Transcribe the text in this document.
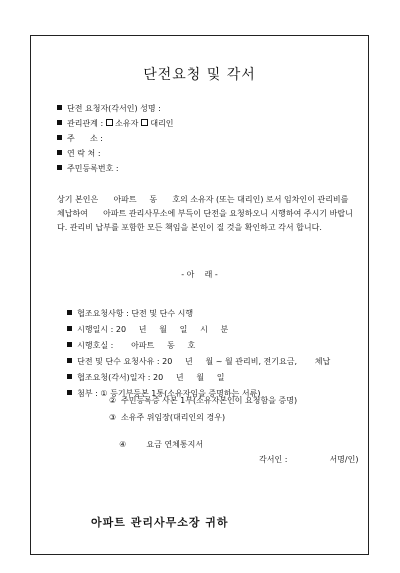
단전요청 및 각서
단전 요청자(각서인) 성명 :
관리관계 : 소유자 대리인
주      소 :
연 락 처 :
주민등록번호 :
상기 본인은      아파트     동      호의 소유자 (또는 대리인) 로서 임차인이 관리비를 체납하여      아파트 관리사무소에 부득이 단전을 요청하오니 시행하여 주시기 바랍니다. 관리비 납부를 포함한 모든 책임을 본인이 질 것을 확인하고 각서 합니다.
- 아    래 -

협조요청사항 : 단전 및 단수 시행

시행일시 : 20     년     월     일     시     분

시행호실 :       아파트     동     호

단전 및 단수 요청사유 : 20     년     월 ~ 월 관리비, 전기요금,       체납

협조요청(각서)일자 : 20     년     월     일

첨부 : ① 등기부등본 1통(소유자임을 증명하는 서류)

② 주민등록증 사본 1부(소유자본인이 요청함을 증명)
③ 소유주 위임장(대리인의 경우)

④      요금 연체통지서

각서인 :	서명/인)
아파트 관리사무소장 귀하
